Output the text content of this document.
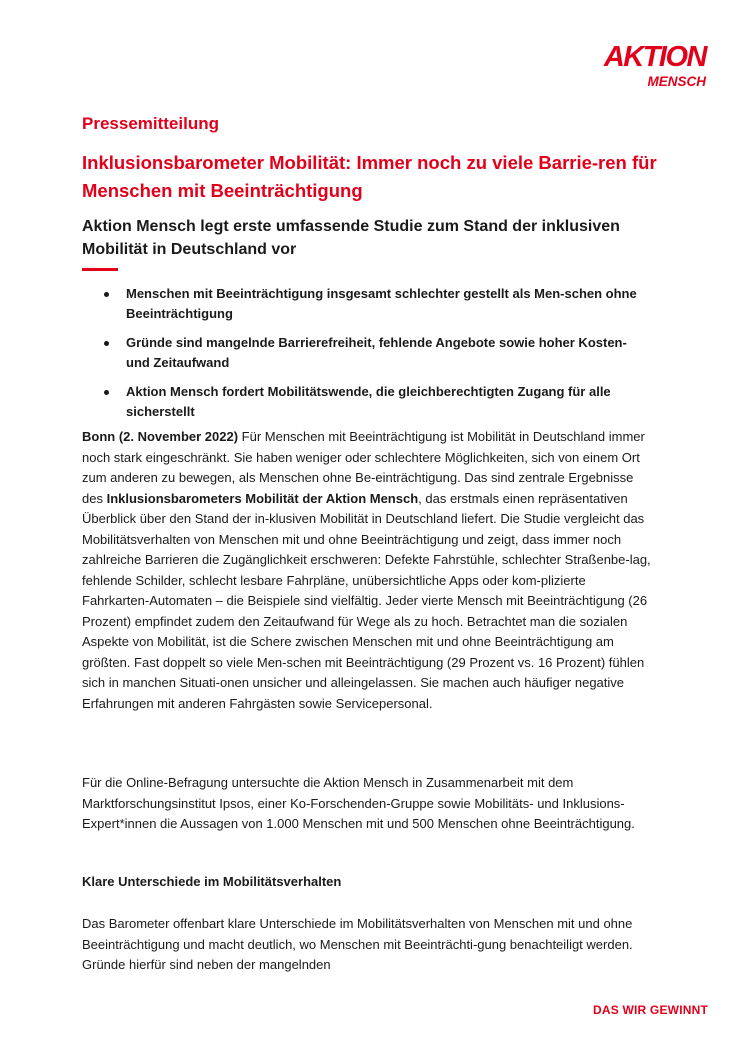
AKTION
MENSCH
Pressemitteilung
Inklusionsbarometer Mobilität: Immer noch zu viele Barrie-ren für Menschen mit Beeinträchtigung
Aktion Mensch legt erste umfassende Studie zum Stand der inklusiven Mobilität in Deutschland vor
Menschen mit Beeinträchtigung insgesamt schlechter gestellt als Men-schen ohne Beeinträchtigung
Gründe sind mangelnde Barrierefreiheit, fehlende Angebote sowie hoher Kosten- und Zeitaufwand
Aktion Mensch fordert Mobilitätswende, die gleichberechtigten Zugang für alle sicherstellt
Bonn (2. November 2022) Für Menschen mit Beeinträchtigung ist Mobilität in Deutschland immer noch stark eingeschränkt. Sie haben weniger oder schlechtere Möglichkeiten, sich von einem Ort zum anderen zu bewegen, als Menschen ohne Be-einträchtigung. Das sind zentrale Ergebnisse des Inklusionsbarometers Mobilität der Aktion Mensch, das erstmals einen repräsentativen Überblick über den Stand der in-klusiven Mobilität in Deutschland liefert. Die Studie vergleicht das Mobilitätsverhalten von Menschen mit und ohne Beeinträchtigung und zeigt, dass immer noch zahlreiche Barrieren die Zugänglichkeit erschweren: Defekte Fahrstühle, schlechter Straßenbe-lag, fehlende Schilder, schlecht lesbare Fahrpläne, unübersichtliche Apps oder kom-plizierte Fahrkarten-Automaten – die Beispiele sind vielfältig. Jeder vierte Mensch mit Beeinträchtigung (26 Prozent) empfindet zudem den Zeitaufwand für Wege als zu hoch. Betrachtet man die sozialen Aspekte von Mobilität, ist die Schere zwischen Menschen mit und ohne Beeinträchtigung am größten. Fast doppelt so viele Men-schen mit Beeinträchtigung (29 Prozent vs. 16 Prozent) fühlen sich in manchen Situati-onen unsicher und alleingelassen. Sie machen auch häufiger negative Erfahrungen mit anderen Fahrgästen sowie Servicepersonal.
Für die Online-Befragung untersuchte die Aktion Mensch in Zusammenarbeit mit dem Marktforschungsinstitut Ipsos, einer Ko-Forschenden-Gruppe sowie Mobilitäts- und Inklusions-Expert*innen die Aussagen von 1.000 Menschen mit und 500 Menschen ohne Beeinträchtigung.
Klare Unterschiede im Mobilitätsverhalten
Das Barometer offenbart klare Unterschiede im Mobilitätsverhalten von Menschen mit und ohne Beeinträchtigung und macht deutlich, wo Menschen mit Beeinträchti-gung benachteiligt werden. Gründe hierfür sind neben der mangelnden
DAS WIR GEWINNT
